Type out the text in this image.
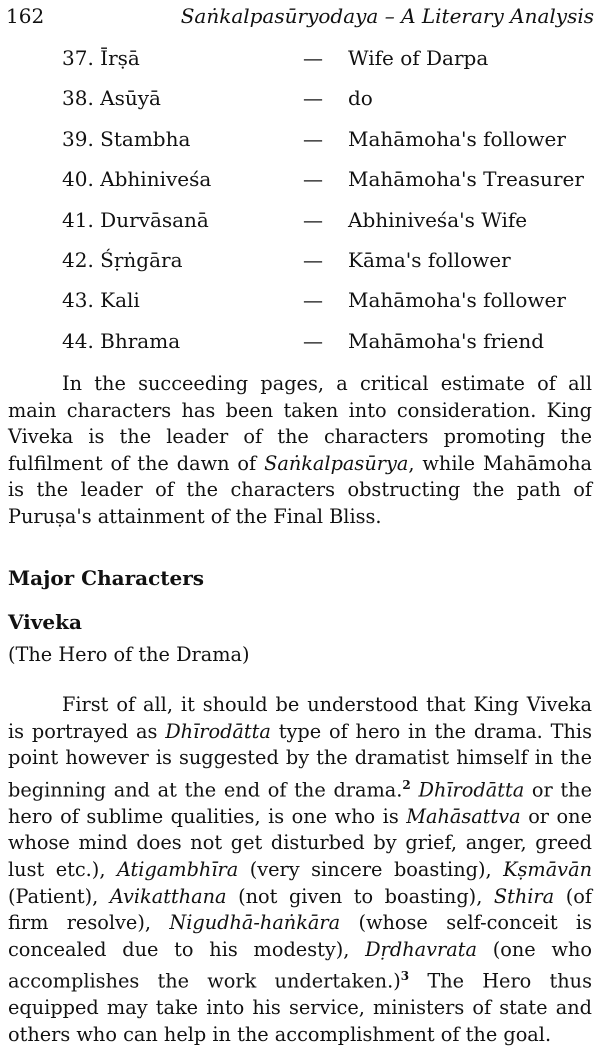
162	Saṅkalpasūryodaya – A Literary Analysis
37. Īrṣā	— Wife of Darpa
38. Asūyā	— do
39. Stambha	— Mahāmoha's follower
40. Abhiniveśa	— Mahāmoha's Treasurer
41. Durvāsanā	— Abhiniveśa's Wife
42. Śṛṅgāra	— Kāma's follower
43. Kali	— Mahāmoha's follower
44. Bhrama	— Mahāmoha's friend

In the succeeding pages, a critical estimate of all main characters has been taken into consideration. King Viveka is the leader of the characters promoting the fulfilment of the dawn of Saṅkalpasūrya, while Mahāmoha is the leader of the characters obstructing the path of Puruṣa's attainment of the Final Bliss.

Major Characters
Viveka
(The Hero of the Drama)

First of all, it should be understood that King Viveka is portrayed as Dhīrodātta type of hero in the drama. This point however is suggested by the dramatist himself in the beginning and at the end of the drama.$^2$ Dhīrodātta or the hero of sublime qualities, is one who is Mahāsattva or one whose mind does not get disturbed by grief, anger, greed lust etc.), Atigambhīra (very sincere boasting), Kṣmāvān (Patient), Avikatthana (not given to boasting), Sthira (of firm resolve), Nigudhā-haṅkāra (whose self-conceit is concealed due to his modesty), Dṛdhavrata (one who accomplishes the work undertaken.)$^3$ The Hero thus equipped may take into his service, ministers of state and others who can help in the accomplishment of the goal.
